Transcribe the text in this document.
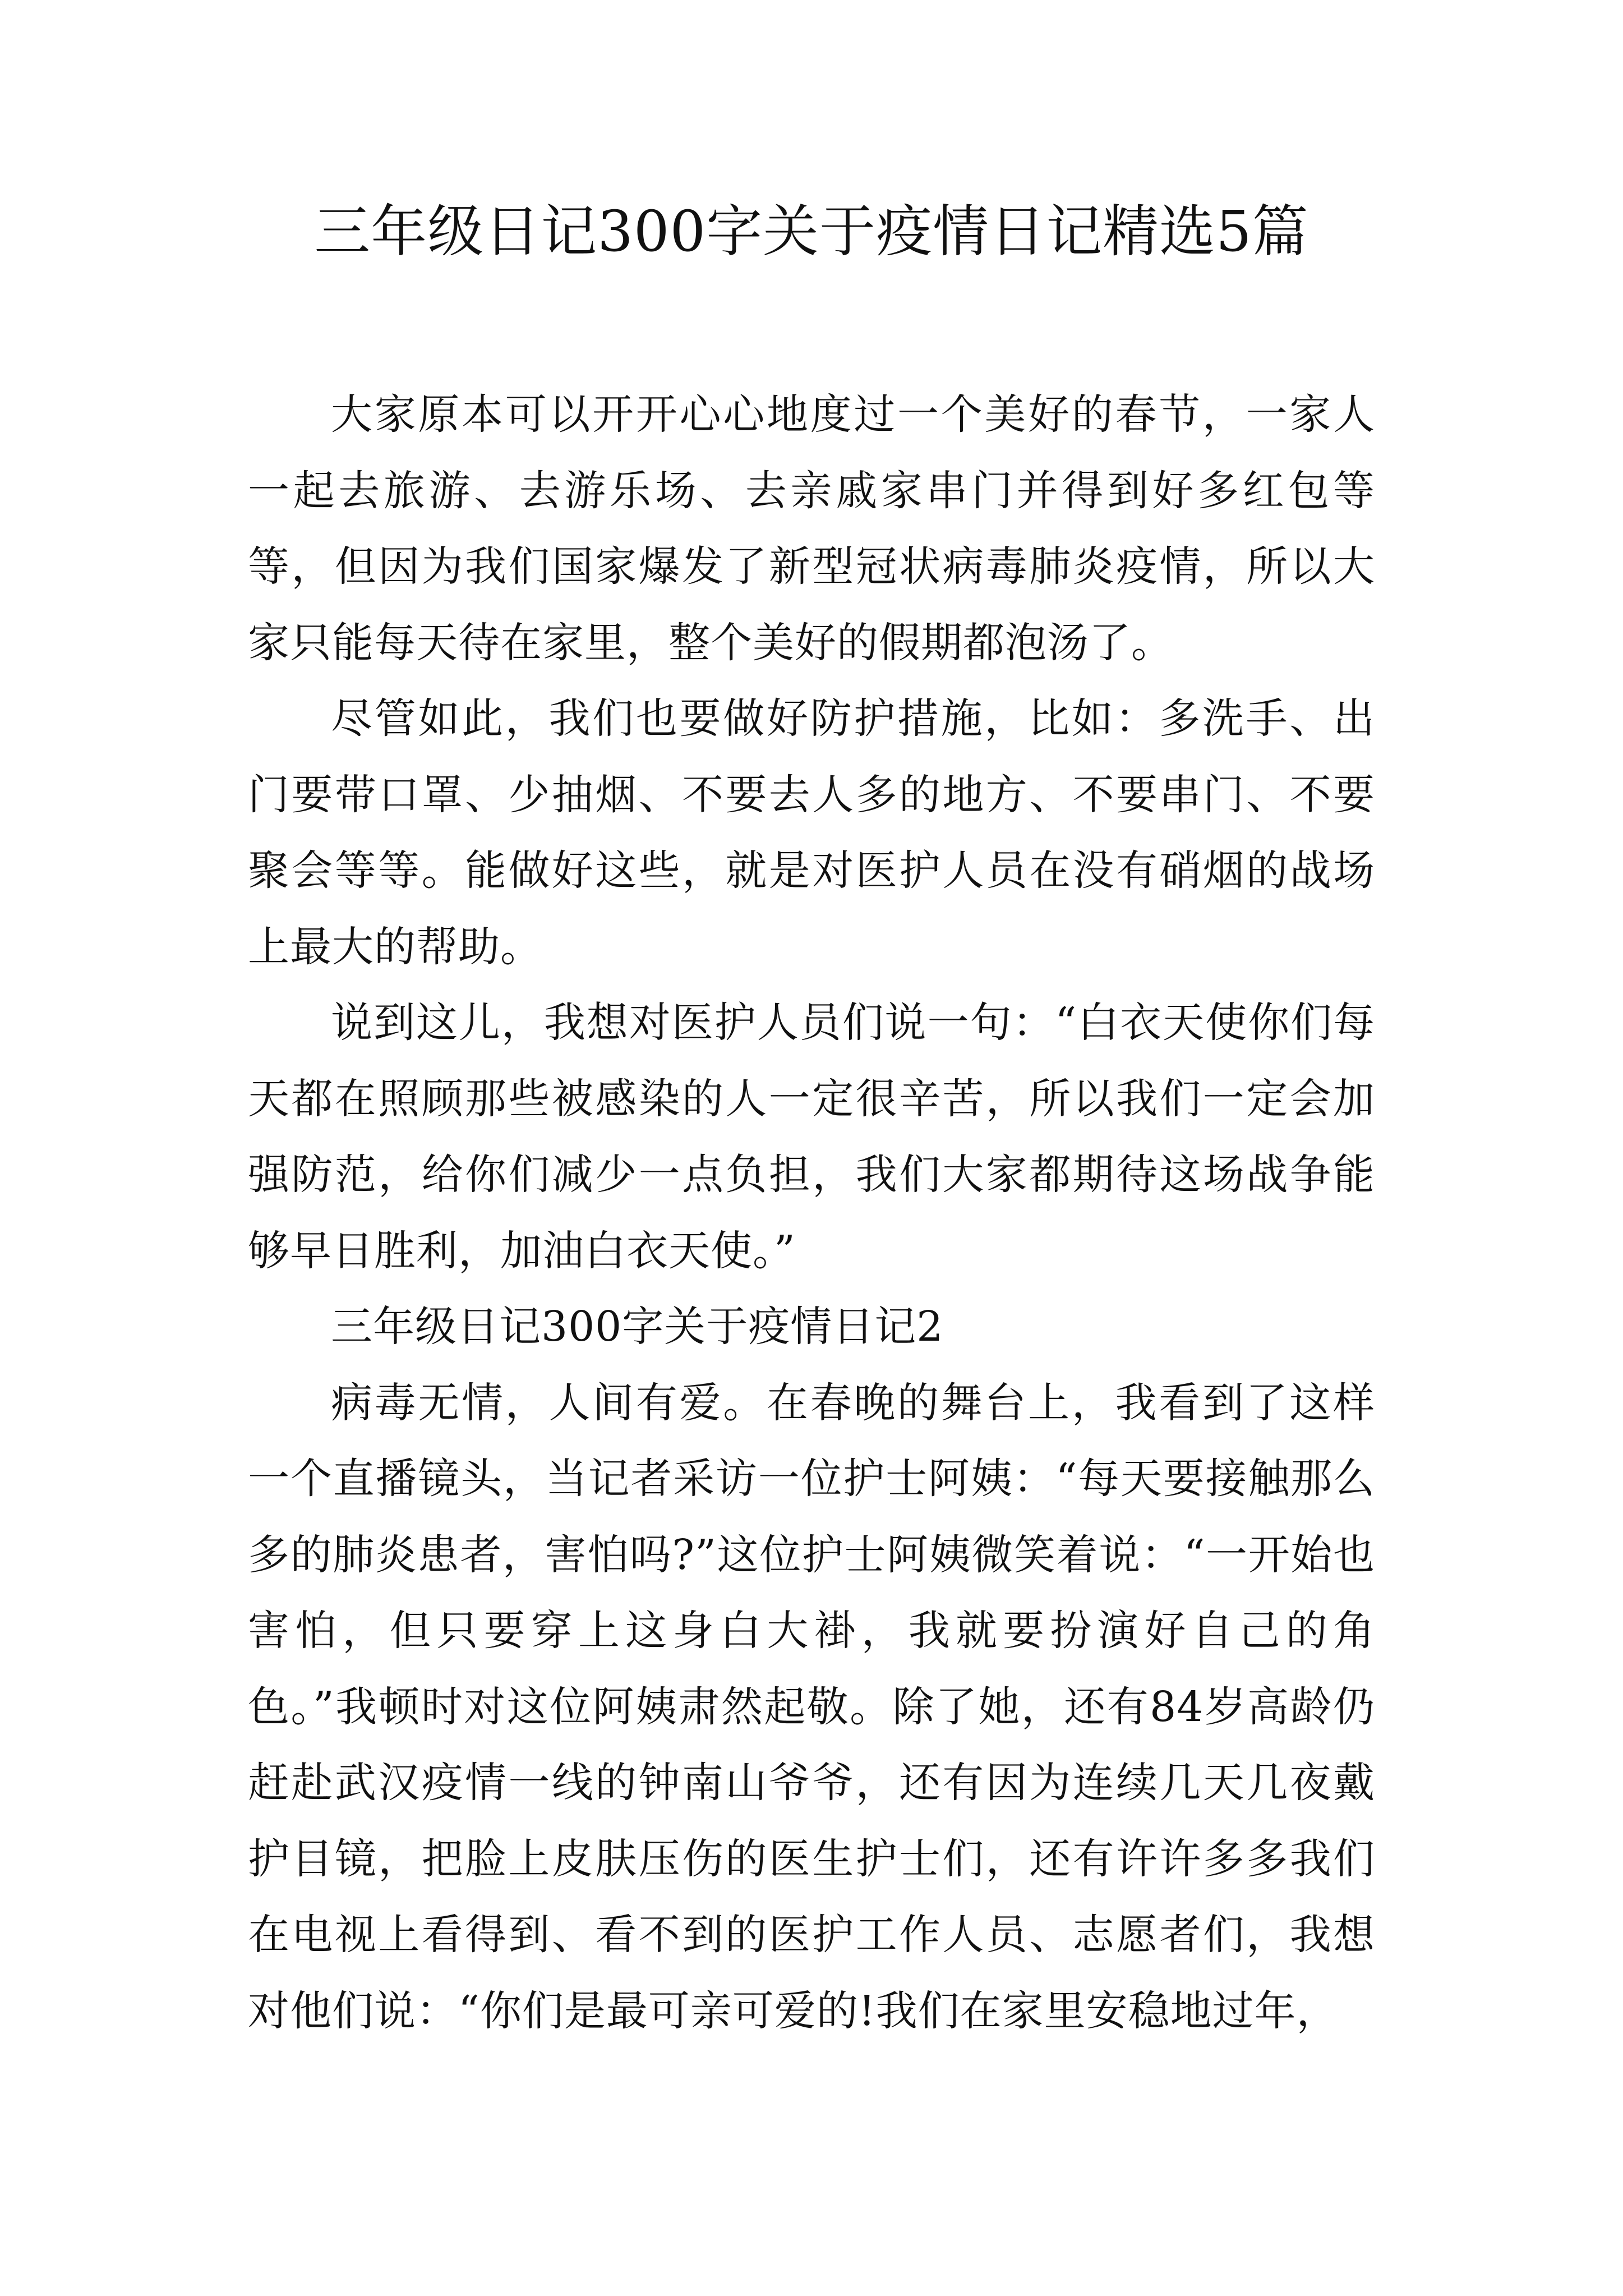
三年级日记300字关于疫情日记精选5篇

大家原本可以开开心心地度过一个美好的春节，一家人一起去旅游、去游乐场、去亲戚家串门并得到好多红包等等，但因为我们国家爆发了新型冠状病毒肺炎疫情，所以大家只能每天待在家里，整个美好的假期都泡汤了。

尽管如此，我们也要做好防护措施，比如：多洗手、出门要带口罩、少抽烟、不要去人多的地方、不要串门、不要聚会等等。能做好这些，就是对医护人员在没有硝烟的战场上最大的帮助。

说到这儿，我想对医护人员们说一句：“白衣天使你们每天都在照顾那些被感染的人一定很辛苦，所以我们一定会加强防范，给你们减少一点负担，我们大家都期待这场战争能够早日胜利，加油白衣天使。”

三年级日记300字关于疫情日记2

病毒无情，人间有爱。在春晚的舞台上，我看到了这样一个直播镜头，当记者采访一位护士阿姨：“每天要接触那么多的肺炎患者，害怕吗?”这位护士阿姨微笑着说：“一开始也害怕，但只要穿上这身白大褂，我就要扮演好自己的角色。”我顿时对这位阿姨肃然起敬。除了她，还有84岁高龄仍赶赴武汉疫情一线的钟南山爷爷，还有因为连续几天几夜戴护目镜，把脸上皮肤压伤的医生护士们，还有许许多多我们在电视上看得到、看不到的医护工作人员、志愿者们，我想对他们说：“你们是最可亲可爱的!我们在家里安稳地过年，
